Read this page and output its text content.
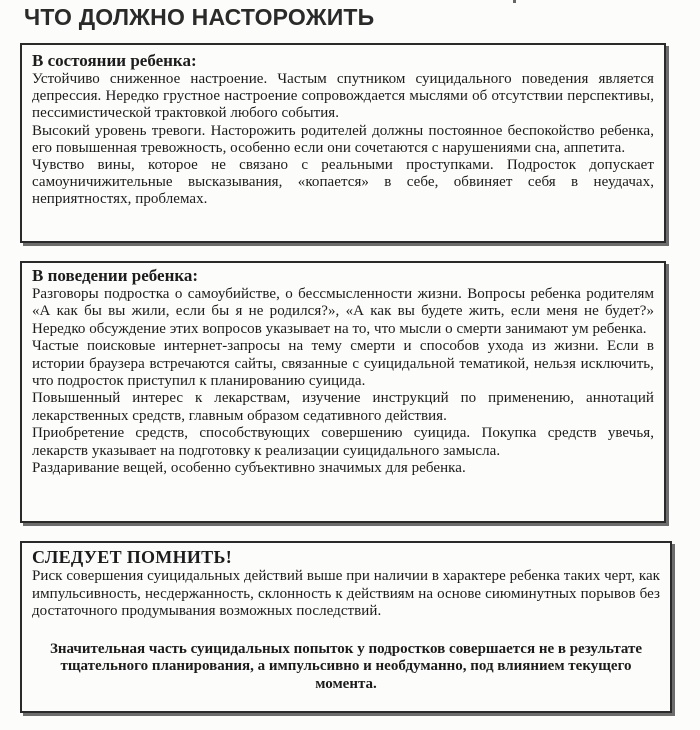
ЧТО ДОЛЖНО НАСТОРОЖИТЬ
В состоянии ребенка:

Устойчиво сниженное настроение. Частым спутником суицидального поведения является депрессия. Нередко грустное настроение сопровождается мыслями об отсутствии перспективы, пессимистической трактовкой любого события.

Высокий уровень тревоги. Насторожить родителей должны постоянное беспокойство ребенка, его повышенная тревожность, особенно если они сочетаются с нарушениями сна, аппетита.

Чувство вины, которое не связано с реальными проступками. Подросток допускает самоуничижительные высказывания, «копается» в себе, обвиняет себя в неудачах, неприятностях, проблемах.

В поведении ребенка:

Разговоры подростка о самоубийстве, о бессмысленности жизни. Вопросы ребенка родителям «А как бы вы жили, если бы я не родился?», «А как вы будете жить, если меня не будет?» Нередко обсуждение этих вопросов указывает на то, что мысли о смерти занимают ум ребенка.

Частые поисковые интернет-запросы на тему смерти и способов ухода из жизни. Если в истории браузера встречаются сайты, связанные с суицидальной тематикой, нельзя исключить, что подросток приступил к планированию суицида.

Повышенный интерес к лекарствам, изучение инструкций по применению, аннотаций лекарственных средств, главным образом седативного действия.

Приобретение средств, способствующих совершению суицида. Покупка средств увечья, лекарств указывает на подготовку к реализации суицидального замысла.

Раздаривание вещей, особенно субъективно значимых для ребенка.

СЛЕДУЕТ ПОМНИТЬ!

Риск совершения суицидальных действий выше при наличии в характере ребенка таких черт, как импульсивность, несдержанность, склонность к действиям на основе сиюминутных порывов без достаточного продумывания возможных последствий.

Значительная часть суицидальных попыток у подростков совершается не в результате тщательного планирования, а импульсивно и необдуманно, под влиянием текущего момента.
